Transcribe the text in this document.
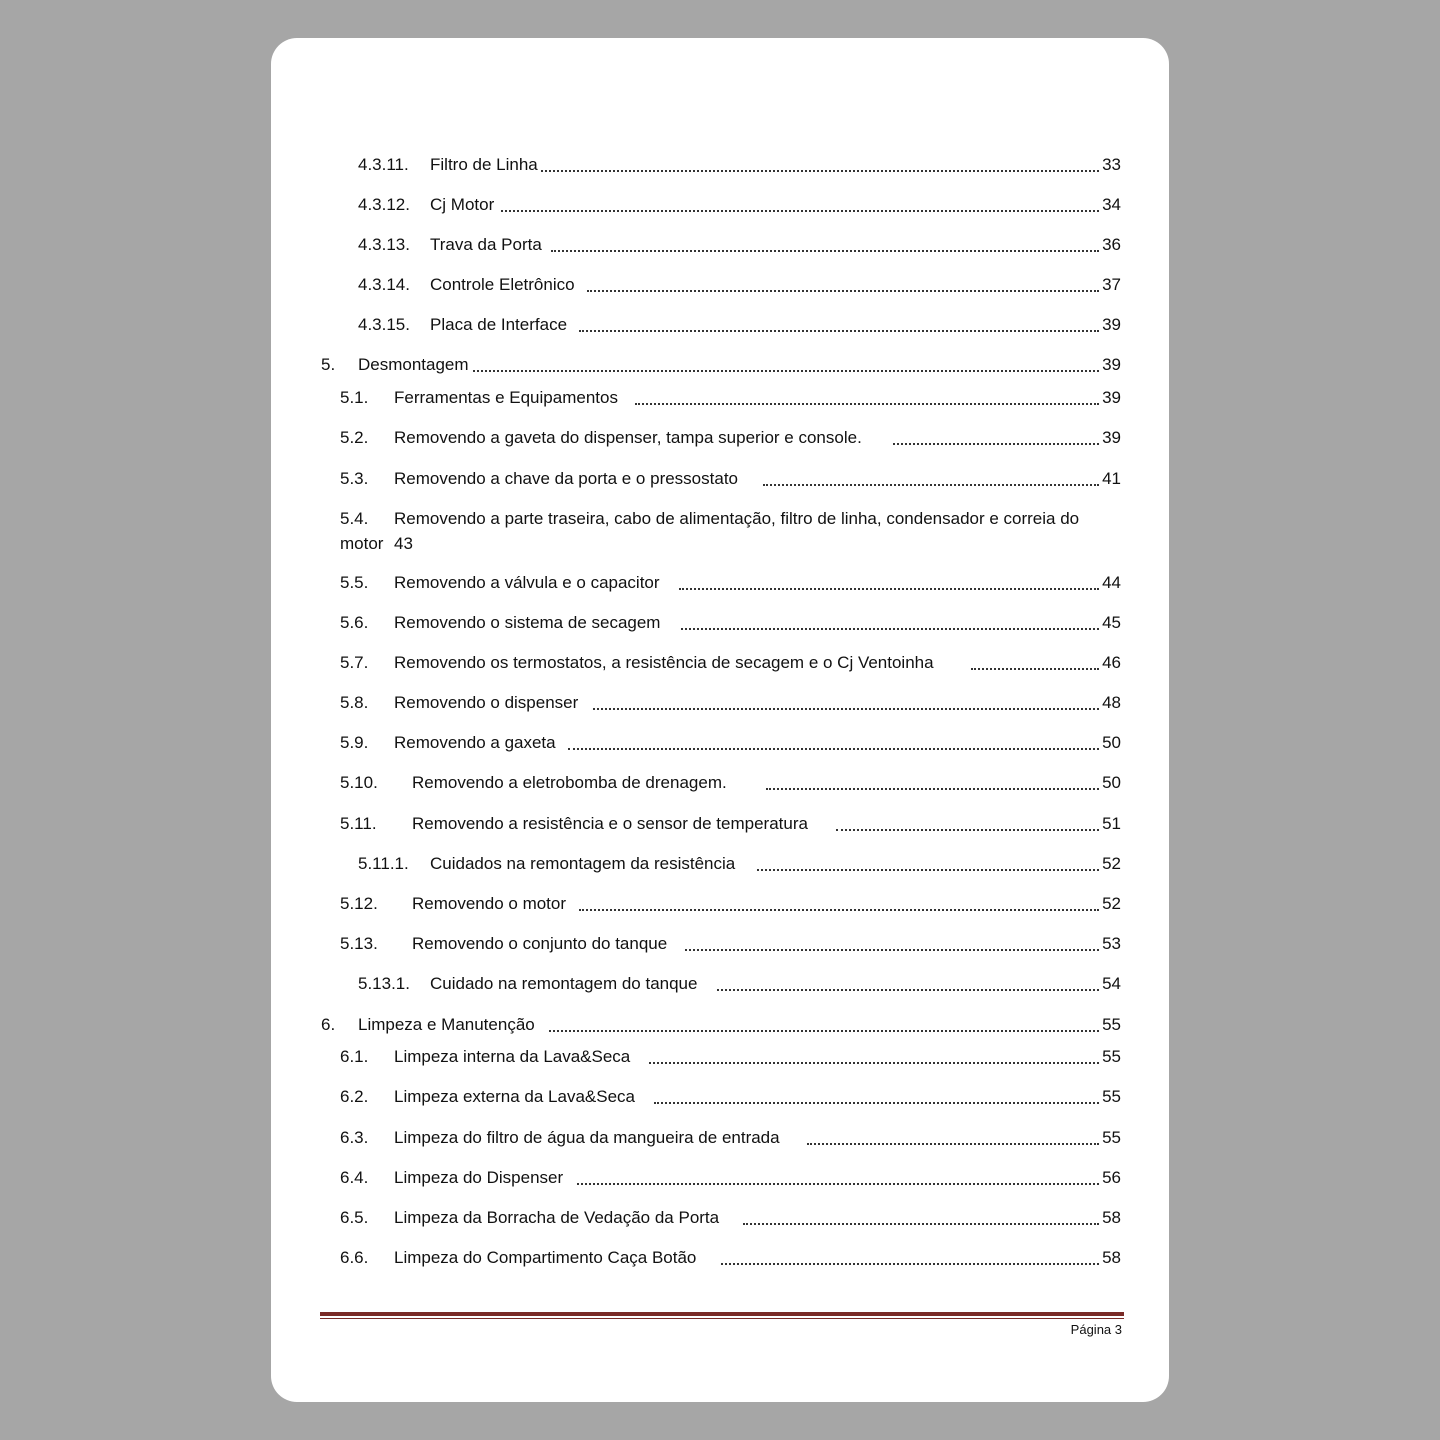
4.3.11. Filtro de Linha	33
4.3.12. Cj Motor	34
4.3.13. Trava da Porta	36
4.3.14. Controle Eletrônico	37
4.3.15. Placa de Interface	39
5. Desmontagem	39
5.1. Ferramentas e Equipamentos	39
5.2. Removendo a gaveta do dispenser, tampa superior e console.	39
5.3. Removendo a chave da porta e o pressostato	41
5.4. Removendo a parte traseira, cabo de alimentação, filtro de linha, condensador e correia do
motor 43
5.5. Removendo a válvula e o capacitor	44
5.6. Removendo o sistema de secagem	45
5.7. Removendo os termostatos, a resistência de secagem e o Cj Ventoinha	46
5.8. Removendo o dispenser	48
5.9. Removendo a gaxeta	50
5.10. Removendo a eletrobomba de drenagem.	50
5.11. Removendo a resistência e o sensor de temperatura	51
5.11.1. Cuidados na remontagem da resistência	52
5.12. Removendo o motor	52
5.13. Removendo o conjunto do tanque	53
5.13.1. Cuidado na remontagem do tanque	54
6. Limpeza e Manutenção	55
6.1. Limpeza interna da Lava&Seca	55
6.2. Limpeza externa da Lava&Seca	55
6.3. Limpeza do filtro de água da mangueira de entrada	55
6.4. Limpeza do Dispenser	56
6.5. Limpeza da Borracha de Vedação da Porta	58
6.6. Limpeza do Compartimento Caça Botão	58
Página 3
